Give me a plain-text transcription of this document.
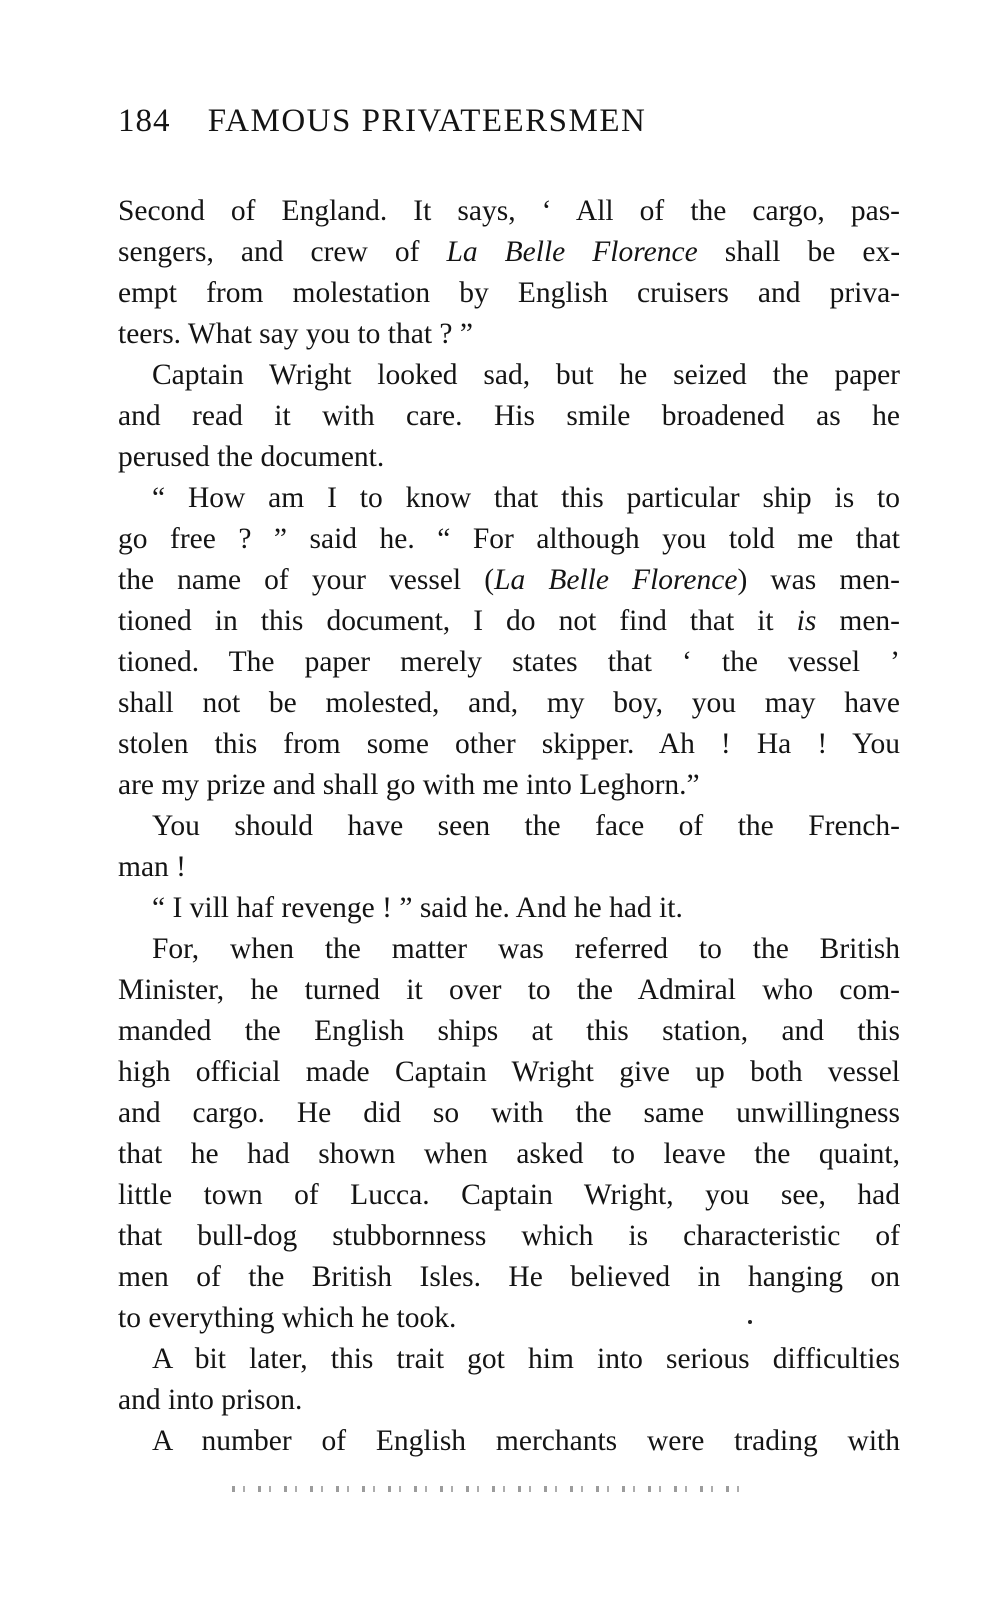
184 FAMOUS PRIVATEERSMEN
Second of England. It says, ‘ All of the cargo, pas-
sengers, and crew of La Belle Florence shall be ex-
empt from molestation by English cruisers and priva-
teers. What say you to that ? ”
Captain Wright looked sad, but he seized the paper
and read it with care. His smile broadened as he
perused the document.
“ How am I to know that this particular ship is to
go free ? ” said he. “ For although you told me that
the name of your vessel (La Belle Florence) was men-
tioned in this document, I do not find that it is men-
tioned. The paper merely states that ‘ the vessel ’
shall not be molested, and, my boy, you may have
stolen this from some other skipper. Ah ! Ha ! You
are my prize and shall go with me into Leghorn.”
You should have seen the face of the French-
man !
“ I vill haf revenge ! ” said he. And he had it.
For, when the matter was referred to the British
Minister, he turned it over to the Admiral who com-
manded the English ships at this station, and this
high official made Captain Wright give up both vessel
and cargo. He did so with the same unwillingness
that he had shown when asked to leave the quaint,
little town of Lucca. Captain Wright, you see, had
that bull-dog stubbornness which is characteristic of
men of the British Isles. He believed in hanging on
to everything which he took.
A bit later, this trait got him into serious difficulties
and into prison.
A number of English merchants were trading with
